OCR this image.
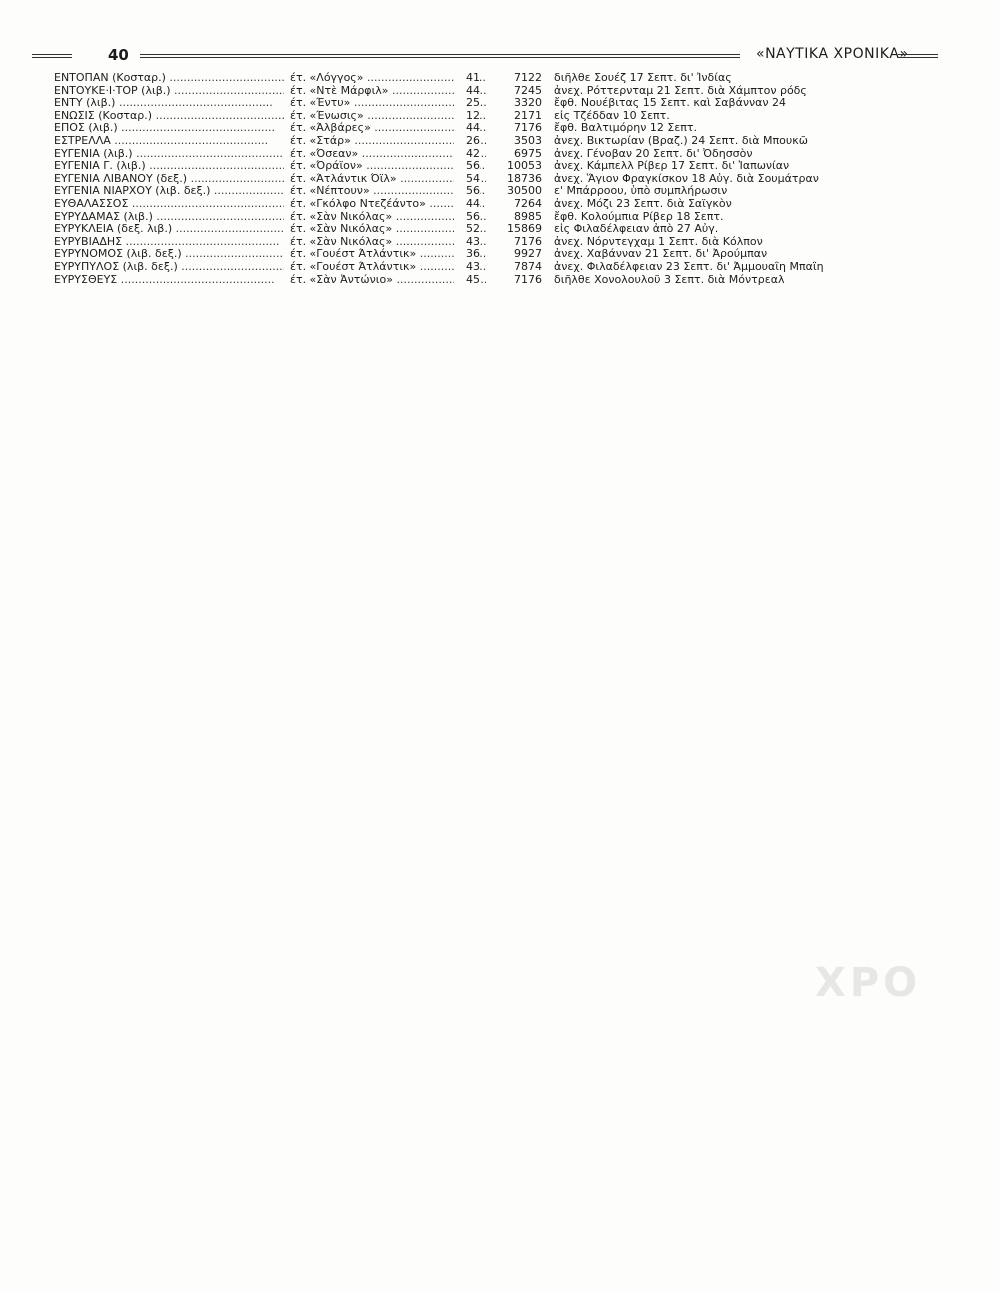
40	«ΝΑΥΤΙΚΑ ΧΡΟΝΙΚΑ»
ΕΝΤΟΠΑΝ (Κοσταρ.) .....	έτ. «Λόγγος» .....	41	7122 διῆλθε Σουέζ 17 Σεπτ. δι' Ἰνδίας
ΕΝΤΟΥΚΕ·Ι·ΤΟΡ (λιβ.) .....	έτ. «Ντὲ Μάρφιλ» .....	44	7245 ἀνεχ. Ρόττερνταμ 21 Σεπτ. διὰ Χάμπτον ρόδς
ΕΝΤΥ (λιβ.) .....	έτ. «Έντυ» .....	25	3320 ἔφθ. Νουέβιτας 15 Σεπτ. καὶ Σαβάνναν 24
ΕΝΩΣΙΣ (Κοσταρ.) .....	έτ. «Ένωσις» .....	12	2171 εἰς Τζέδδαν 10 Σεπτ.
ΕΠΟΣ (λιβ.) .....	έτ. «Άλβάρες» .....	44	7176 ἔφθ. Βαλτιμόρην 12 Σεπτ.
ΕΣΤΡΕΛΛΑ .....	έτ. «Στάρ» .....	26	3503 ἀνεχ. Βικτωρίαν (Βραζ.) 24 Σεπτ. διὰ Μπουκῶ
ΕΥΓΕΝΙΑ (λιβ.) .....	έτ. «Όσεαν» .....	42	6975 ἀνεχ. Γένοβαν 20 Σεπτ. δι' Ὀδησσὸν
ΕΥΓΕΝΙΑ Γ. (λιβ.) .....	έτ. «Όράϊον» .....	56	10053 ἀνεχ. Κάμπελλ Ρίβερ 17 Σεπτ. δι' Ἰαπωνίαν
ΕΥΓΕΝΙΑ ΛΙΒΑΝΟΥ (δεξ.) .....	έτ. «Άτλάντικ Όϊλ» .....	54	18736 ἀνεχ. Ἅγιον Φραγκίσκον 18 Αὐγ. διὰ Σουμάτραν
ΕΥΓΕΝΙΑ ΝΙΑΡΧΟΥ (λιβ. δεξ.) .....	έτ. «Νέπτουν» .....	56	30500 ε' Μπάρροου, ὑπὸ συμπλήρωσιν
ΕΥΘΑΛΑΣΣΟΣ .....	έτ. «Γκόλφο Ντεζέάντο» .....	44	7264 ἀνεχ. Μόζι 23 Σεπτ. διὰ Σαϊγκὸν
ΕΥΡΥΔΑΜΑΣ (λιβ.) .....	έτ. «Σὰν Νικόλας» .....	56	8985 ἔφθ. Κολούμπια Ρίβερ 18 Σεπτ.
ΕΥΡΥΚΛΕΙΑ (δεξ. λιβ.) .....	έτ. «Σὰν Νικόλας» .....	52	15869 εἰς Φιλαδέλφειαν ἀπὸ 27 Αὐγ.
ΕΥΡΥΒΙΑΔΗΣ .....	έτ. «Σὰν Νικόλας» .....	43	7176 ἀνεχ. Νόρντεγχαμ 1 Σεπτ. διὰ Κόλπον
ΕΥΡΥΝΟΜΟΣ (λιβ. δεξ.) .....	έτ. «Γουέστ Άτλάντικ» .....	36	9927 ἀνεχ. Χαβάνναν 21 Σεπτ. δι' Ἀρούμπαν
ΕΥΡΥΠΥΛΟΣ (λιβ. δεξ.) .....	έτ. «Γουέστ Άτλάντικ» .....	43	7874 ἀνεχ. Φιλαδέλφειαν 23 Σεπτ. δι' Ἀμμουαΐη Μπαΐη
ΕΥΡΥΣΘΕΥΣ .....	έτ. «Σὰν Ἀντώνιο» .....	45	7176 διῆλθε Χονολουλοῦ 3 Σεπτ. διὰ Μόντρεαλ
ΧΡΟ
